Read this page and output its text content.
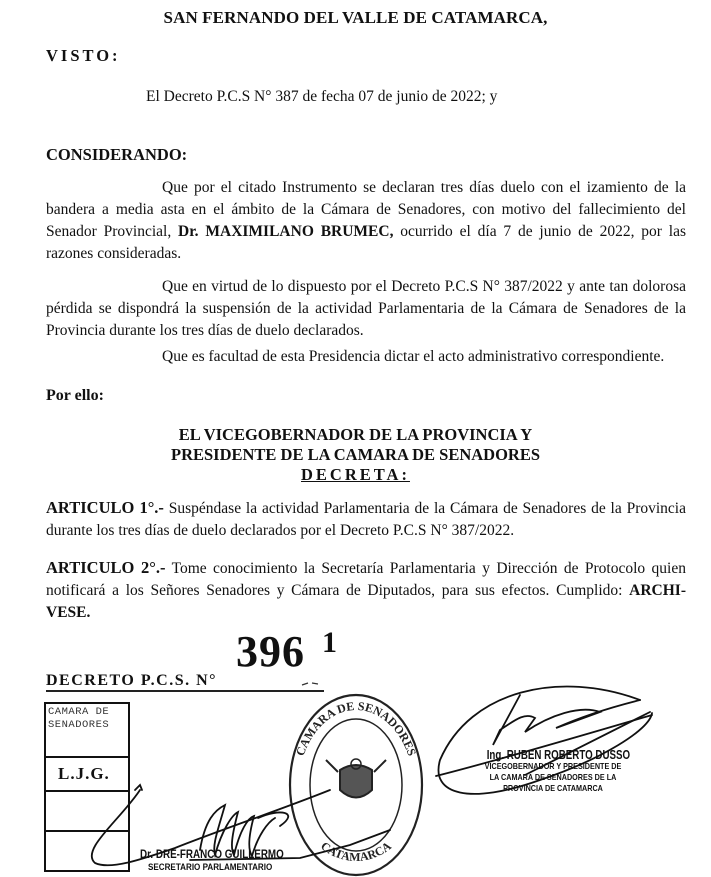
SAN FERNANDO DEL VALLE DE CATAMARCA,
VISTO:
El Decreto P.C.S N° 387 de fecha 07 de junio de 2022; y
CONSIDERANDO:
Que por el citado Instrumento se declaran tres días duelo con el izamiento de la bandera a media asta en el ámbito de la Cámara de Senadores, con motivo del fallecimiento del Senador Provincial, Dr. MAXIMILANO BRUMEC, ocurrido el día 7 de junio de 2022, por las razones consideradas.
Que en virtud de lo dispuesto por el Decreto P.C.S N° 387/2022 y ante tan dolorosa pérdida se dispondrá la suspensión de la actividad Parlamentaria de la Cámara de Senadores de la Provincia durante los tres días de duelo declarados.
Que es facultad de esta Presidencia dictar el acto administrativo correspondiente.
Por ello:
EL VICEGOBERNADOR DE LA PROVINCIA Y
PRESIDENTE DE LA CAMARA DE SENADORES
DECRETA:
ARTICULO 1°.- Suspéndase la actividad Parlamentaria de la Cámara de Senadores de la Provincia durante los tres días de duelo declarados por el Decreto P.C.S N° 387/2022.
ARTICULO 2°.- Tome conocimiento la Secretaría Parlamentaria y Dirección de Protocolo quien notificará a los Señores Senadores y Cámara de Diputados, para sus efectos. Cumplido: ARCHI-VESE.
DECRETO P.C.S. N°
396 1
CAMARA DE
SENADORES
L.J.G.
CAMARA DE SENADORES
CATAMARCA
Dr. DRE-FRANCO GUILLERMO
SECRETARIO PARLAMENTARIO
Ing. RUBEN ROBERTO DUSSO
VICEGOBERNADOR Y PRESIDENTE DE
LA CAMARA DE SENADORES DE LA
PROVINCIA DE CATAMARCA
